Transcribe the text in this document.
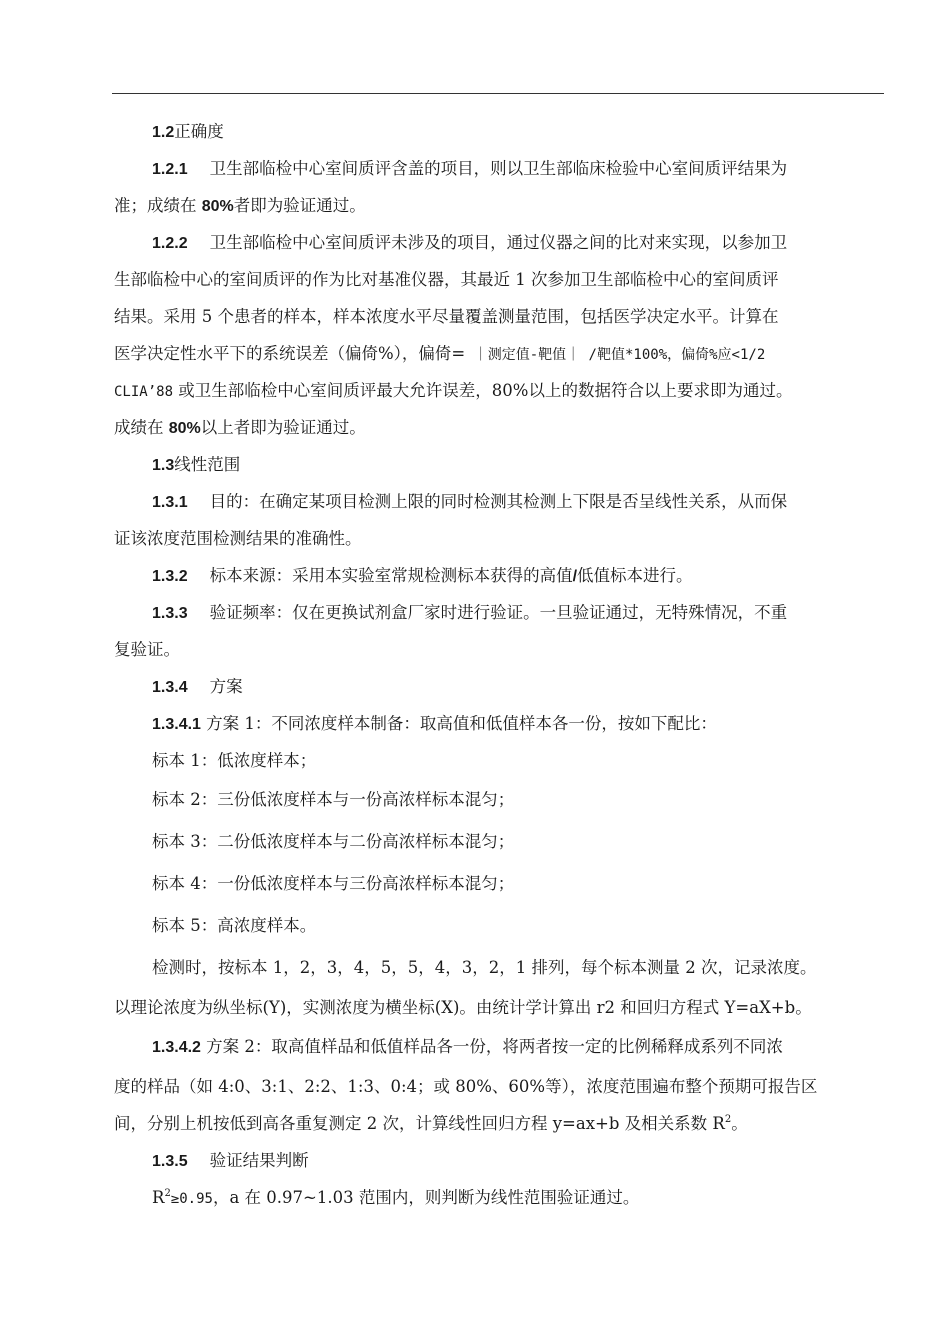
1.2正确度
1.2.1 卫生部临检中心室间质评含盖的项目，则以卫生部临床检验中心室间质评结果为
准；成绩在 80%者即为验证通过。
1.2.2 卫生部临检中心室间质评未涉及的项目，通过仪器之间的比对来实现，以参加卫
生部临检中心的室间质评的作为比对基准仪器，其最近 1 次参加卫生部临检中心的室间质评
结果。采用 5 个患者的样本，样本浓度水平尽量覆盖测量范围，包括医学决定水平。计算在
医学决定性水平下的系统误差（偏倚%），偏倚= ｜测定值-靶值｜ /靶值*100%，偏倚%应<1/2
CLIA’88 或卫生部临检中心室间质评最大允许误差，80%以上的数据符合以上要求即为通过。
成绩在 80%以上者即为验证通过。
1.3线性范围
1.3.1 目的：在确定某项目检测上限的同时检测其检测上下限是否呈线性关系，从而保
证该浓度范围检测结果的准确性。
1.3.2 标本来源：采用本实验室常规检测标本获得的高值/低值标本进行。
1.3.3 验证频率：仅在更换试剂盒厂家时进行验证。一旦验证通过，无特殊情况，不重
复验证。
1.3.4 方案
1.3.4.1 方案 1：不同浓度样本制备：取高值和低值样本各一份，按如下配比：
标本 1：低浓度样本；
标本 2：三份低浓度样本与一份高浓样标本混匀；
标本 3：二份低浓度样本与二份高浓样标本混匀；
标本 4：一份低浓度样本与三份高浓样标本混匀；
标本 5：高浓度样本。
检测时，按标本 1，2，3，4，5，5，4，3，2，1 排列，每个标本测量 2 次，记录浓度。
以理论浓度为纵坐标(Y)，实测浓度为横坐标(X)。由统计学计算出 r2 和回归方程式 Y=aX+b。
1.3.4.2 方案 2：取高值样品和低值样品各一份，将两者按一定的比例稀释成系列不同浓
度的样品（如 4:0、3:1、2:2、1:3、0:4；或 80%、60%等），浓度范围遍布整个预期可报告区
间，分别上机按低到高各重复测定 2 次，计算线性回归方程 y=ax+b 及相关系数 $R^2$。
1.3.5 验证结果判断
$R^2\ge 0.95$，a 在 0.97~1.03 范围内，则判断为线性范围验证通过。
